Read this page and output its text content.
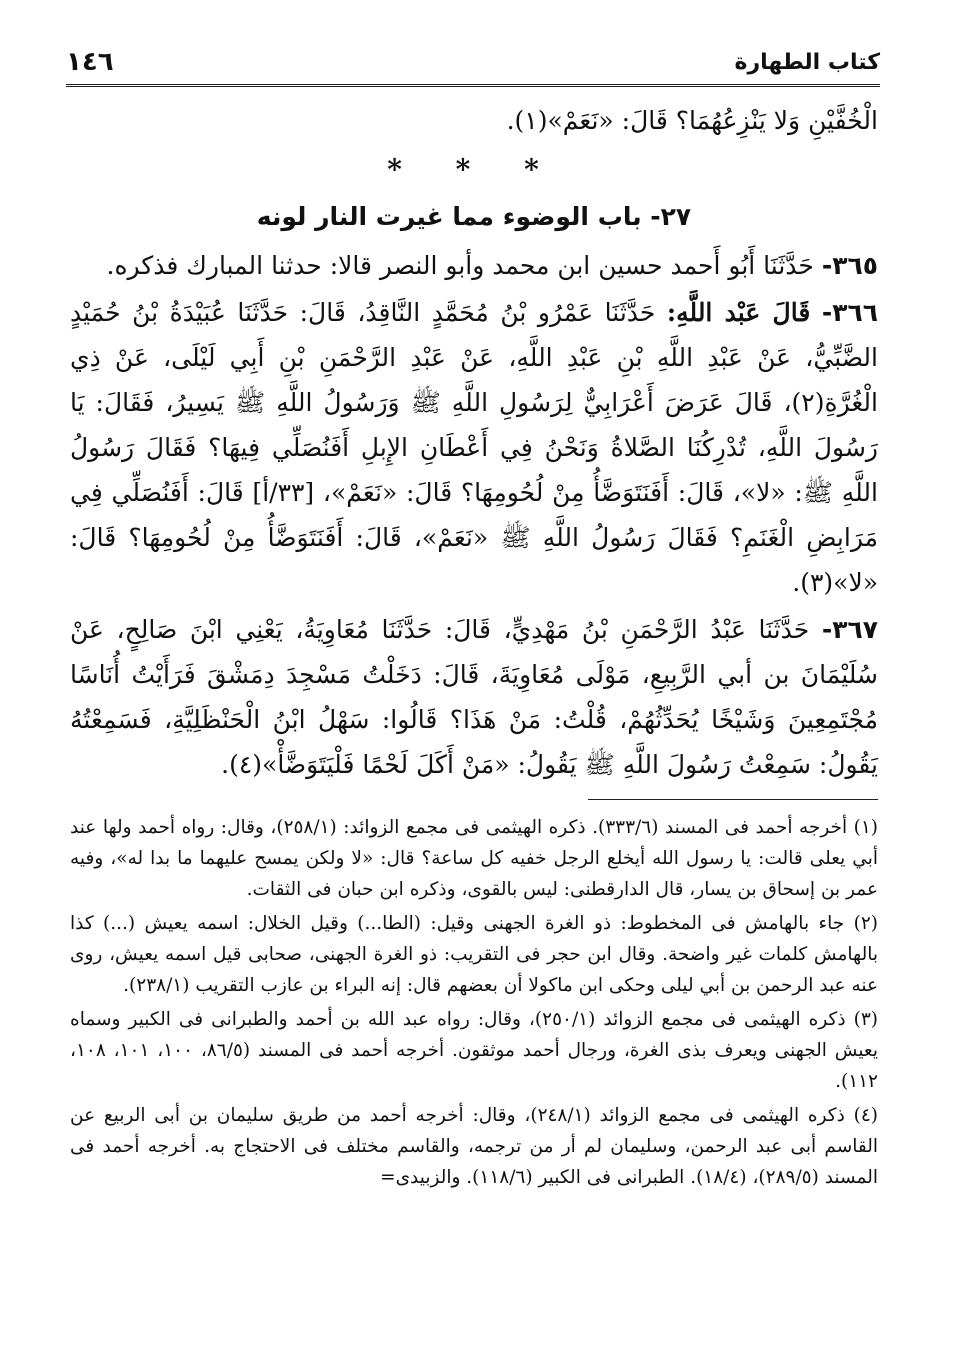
كتاب الطهارة
١٤٦

الْخُفَّيْنِ وَلا يَنْزِعُهُمَا؟ قَالَ: «نَعَمْ»(١).

* * *

٢٧- باب الوضوء مما غيرت النار لونه

٣٦٥- حَدَّثَنَا أَبُو أَحمد حسين ابن محمد وأبو النصر قالا: حدثنا المبارك فذكره.

٣٦٦- قَالَ عَبْد اللَّهِ: حَدَّثَنَا عَمْرُو بْنُ مُحَمَّدٍ النَّاقِدُ، قَالَ: حَدَّثَنَا عُبَيْدَةُ بْنُ حُمَيْدٍ الضَّبِّيُّ، عَنْ عَبْدِ اللَّهِ بْنِ عَبْدِ اللَّهِ، عَنْ عَبْدِ الرَّحْمَنِ بْنِ أَبِي لَيْلَى، عَنْ ذِي الْغُرَّةِ(٢)، قَالَ عَرَضَ أَعْرَابِيٌّ لِرَسُولِ اللَّهِ ﷺ وَرَسُولُ اللَّهِ ﷺ يَسِيرُ، فَقَالَ: يَا رَسُولَ اللَّهِ، تُدْرِكُنَا الصَّلاةُ وَنَحْنُ فِي أَعْطَانِ الإِبلِ أَفَنُصَلِّي فِيهَا؟ فَقَالَ رَسُولُ اللَّهِ ﷺ: «لا»، قَالَ: أَفَنَتَوَضَّأُ مِنْ لُحُومِهَا؟ قَالَ: «نَعَمْ»، [٣٣/أ] قَالَ: أَفَنُصَلِّي فِي مَرَابِضِ الْغَنَمِ؟ فَقَالَ رَسُولُ اللَّهِ ﷺ «نَعَمْ»، قَالَ: أَفَنَتَوَضَّأُ مِنْ لُحُومِهَا؟ قَالَ: «لا»(٣).

٣٦٧- حَدَّثَنَا عَبْدُ الرَّحْمَنِ بْنُ مَهْدِيٍّ، قَالَ: حَدَّثَنَا مُعَاوِيَةُ، يَعْنِي ابْنَ صَالِحٍ، عَنْ سُلَيْمَانَ بن أبي الرَّبِيعِ، مَوْلَى مُعَاوِيَةَ، قَالَ: دَخَلْتُ مَسْجِدَ دِمَشْقَ فَرَأَيْتُ أُنَاسًا مُجْتَمِعِينَ وَشَيْخًا يُحَدِّثُهُمْ، قُلْتُ: مَنْ هَذَا؟ قَالُوا: سَهْلُ ابْنُ الْحَنْظَلِيَّةِ، فَسَمِعْتُهُ يَقُولُ: سَمِعْتُ رَسُولَ اللَّهِ ﷺ يَقُولُ: «مَنْ أَكَلَ لَحْمًا فَلْيَتَوَضَّأْ»(٤).

(١) أخرجه أحمد فى المسند (٣٣٣/٦). ذكره الهيثمى فى مجمع الزوائد: (٢٥٨/١)، وقال: رواه أحمد ولها عند أبي يعلى قالت: يا رسول الله أيخلع الرجل خفيه كل ساعة؟ قال: «لا ولكن يمسح عليهما ما بدا له»، وفيه عمر بن إسحاق بن يسار، قال الدارقطنى: ليس بالقوى، وذكره ابن حبان فى الثقات.

(٢) جاء بالهامش فى المخطوط: ذو الغرة الجهنى وقيل: (الطا...) وقيل الخلال: اسمه يعيش (...) كذا بالهامش كلمات غير واضحة. وقال ابن حجر فى التقريب: ذو الغرة الجهنى، صحابى قيل اسمه يعيش، روى عنه عبد الرحمن بن أبي ليلى وحكى ابن ماكولا أن بعضهم قال: إنه البراء بن عازب التقريب (٢٣٨/١).

(٣) ذكره الهيثمى فى مجمع الزوائد (٢٥٠/١)، وقال: رواه عبد الله بن أحمد والطبرانى فى الكبير وسماه يعيش الجهنى ويعرف بذى الغرة، ورجال أحمد موثقون. أخرجه أحمد فى المسند (٨٦/٥، ١٠٠، ١٠١، ١٠٨، ١١٢).

(٤) ذكره الهيثمى فى مجمع الزوائد (٢٤٨/١)، وقال: أخرجه أحمد من طريق سليمان بن أبى الربيع عن القاسم أبى عبد الرحمن، وسليمان لم أر من ترجمه، والقاسم مختلف فى الاحتجاج به. أخرجه أحمد فى المسند (٢٨٩/٥)، (١٨/٤). الطبرانى فى الكبير (١١٨/٦). والزبيدى=
